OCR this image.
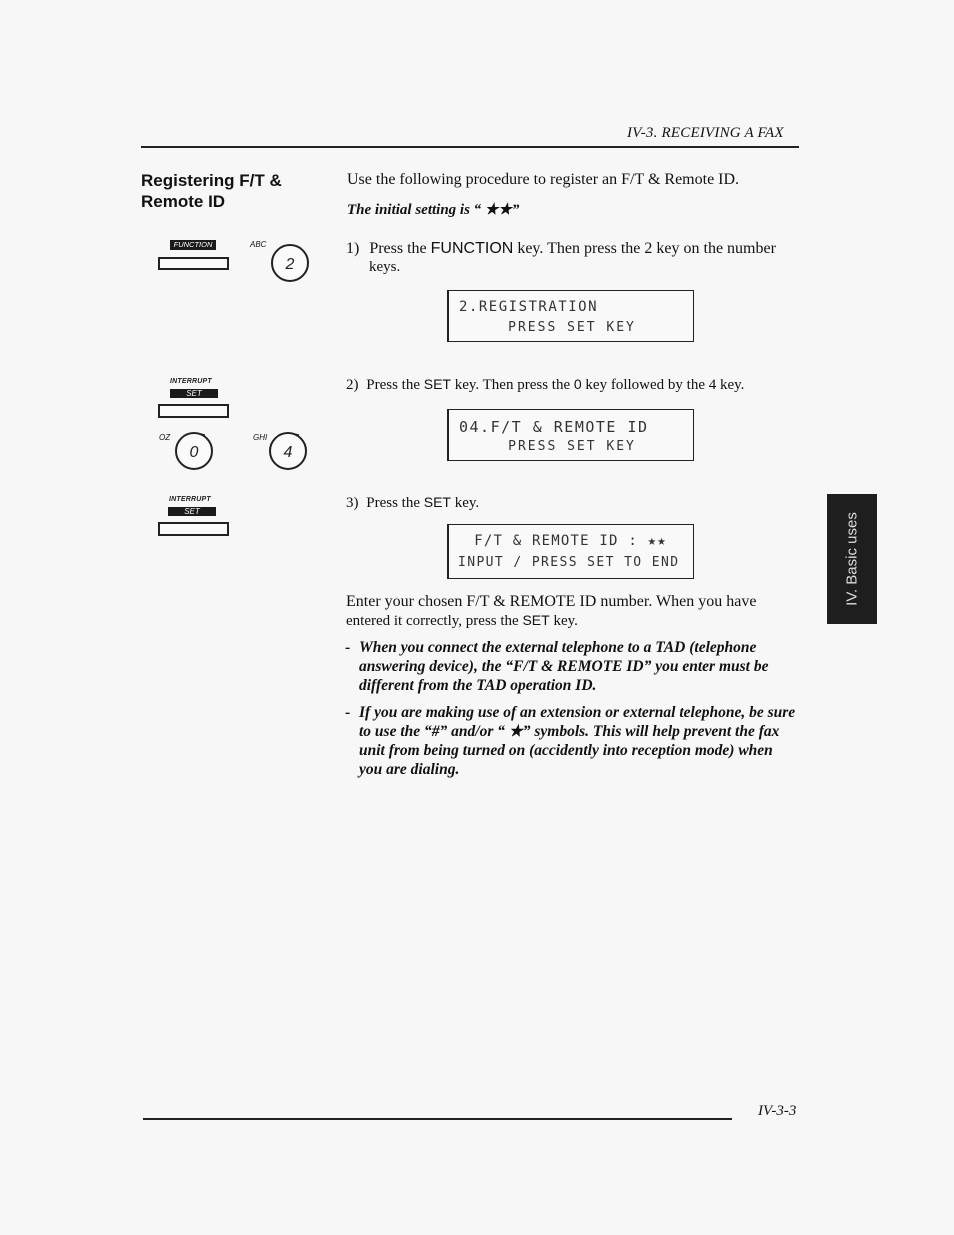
IV-3. RECEIVING A FAX
Registering F/T &
Remote ID
Use the following procedure to register an F/T & Remote ID.
The initial setting is “ ★★”
FUNCTION	ABC
2
1) Press the FUNCTION key. Then press the 2 key on the number
keys.
2.REGISTRATION
PRESS SET KEY
INTERRUPT
SET
OZ
0
GHI
4
2) Press the SET key. Then press the 0 key followed by the 4 key.
04.F/T & REMOTE ID
PRESS SET KEY
INTERRUPT
SET
3) Press the SET key.
F/T & REMOTE ID : ★★
INPUT / PRESS SET TO END
Enter your chosen F/T & REMOTE ID number. When you have
entered it correctly, press the SET key.
- When you connect the external telephone to a TAD (telephone answering device), the “F/T & REMOTE ID” you enter must be different from the TAD operation ID.
- If you are making use of an extension or external telephone, be sure to use the “#” and/or “ ★” symbols. This will help prevent the fax unit from being turned on (accidently into reception mode) when you are dialing.
IV. Basic uses
IV-3-3
